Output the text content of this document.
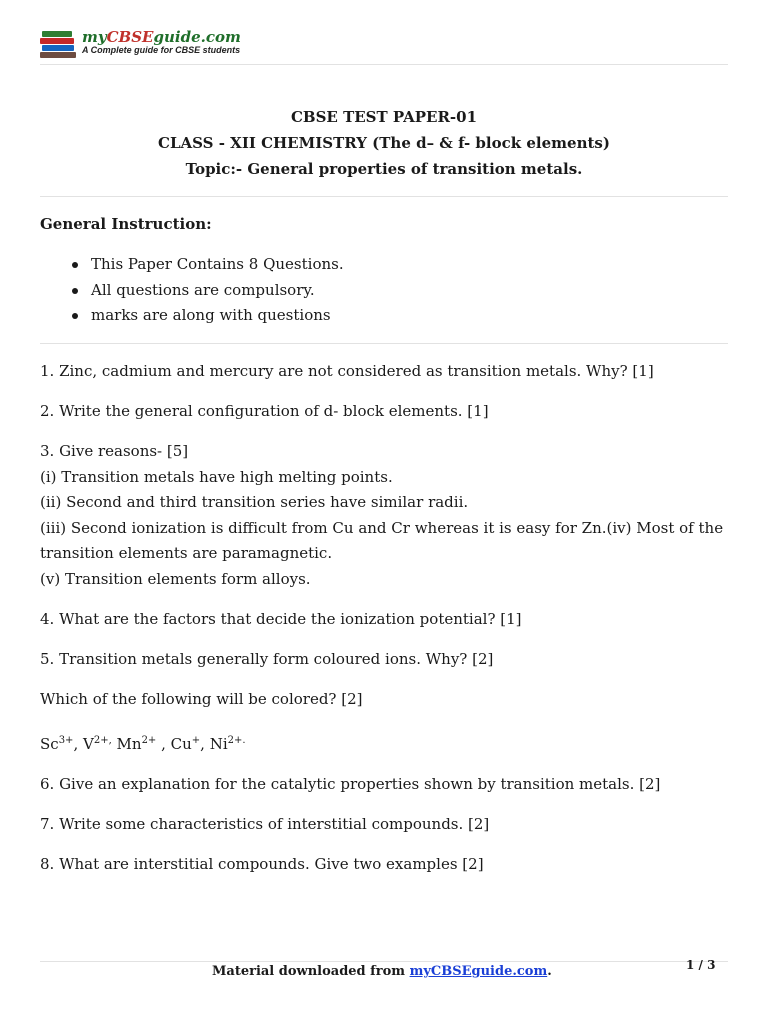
myCBSEguide.com
A Complete guide for CBSE students
CBSE TEST PAPER-01
CLASS - XII CHEMISTRY (The d– & f- block elements)
Topic:- General properties of transition metals.
General Instruction:
This Paper Contains 8 Questions.
All questions are compulsory.
marks are along with questions
1. Zinc, cadmium and mercury are not considered as transition metals. Why? [1]
2. Write the general configuration of d- block elements. [1]

3. Give reasons- [5]

(i) Transition metals have high melting points.

(ii) Second and third transition series have similar radii.

(iii) Second ionization is difficult from Cu and Cr whereas it is easy for Zn.(iv) Most of the transition elements are paramagnetic.

(v) Transition elements form alloys.

4. What are the factors that decide the ionization potential? [1]
5. Transition metals generally form coloured ions. Why? [2]
Which of the following will be colored? [2]
$Sc^{3+}$, $V^{2+,}$ $Mn^{2+}$ , Cu+, $Ni^{2+.}$
6. Give an explanation for the catalytic properties shown by transition metals. [2]
7. Write some characteristics of interstitial compounds. [2]
8. What are interstitial compounds. Give two examples [2]
Material downloaded from myCBSEguide.com.	1 / 3
